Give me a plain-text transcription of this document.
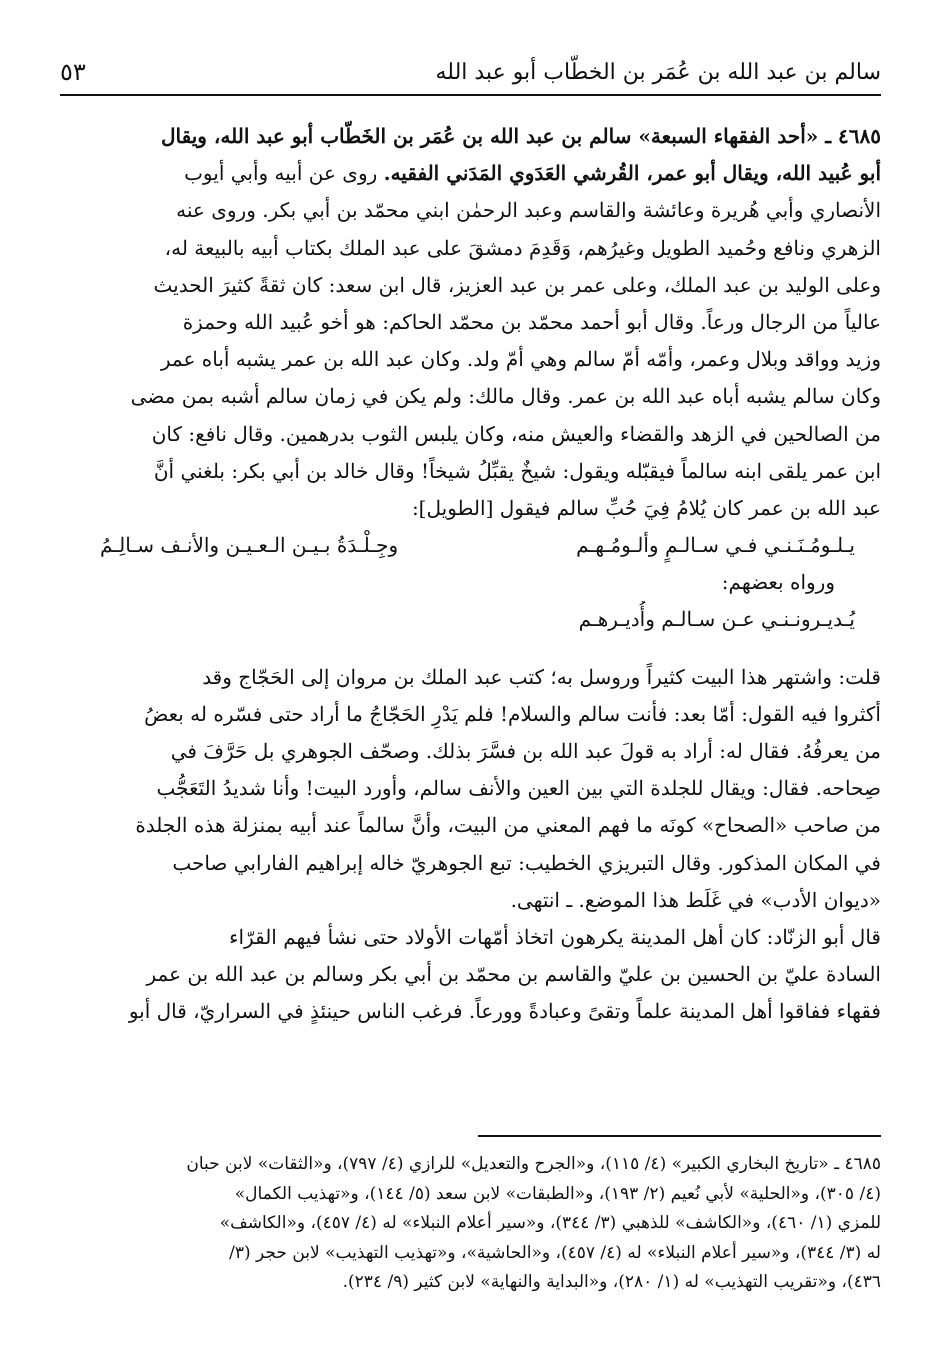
سالم بن عبد الله بن عُمَر بن الخطّاب أبو عبد الله
٥٣
٤٦٨٥ ـ «أحد الفقهاء السبعة» سالم بن عبد الله بن عُمَر بن الخَطّاب أبو عبد الله، ويقال
أبو عُبيد الله، ويقال أبو عمر، القُرشي العَدَوي المَدَني الفقيه. روى عن أبيه وأبي أيوب
الأنصاري وأبي هُريرة وعائشة والقاسم وعبد الرحمٰن ابني محمّد بن أبي بكر. وروى عنه
الزهري ونافع وحُميد الطويل وغيرُهم، وَقَدِمَ دمشقَ على عبد الملك بكتاب أبيه بالبيعة له،
وعلى الوليد بن عبد الملك، وعلى عمر بن عبد العزيز، قال ابن سعد: كان ثقةً كثيرَ الحديث
عالياً من الرجال ورعاً. وقال أبو أحمد محمّد بن محمّد الحاكم: هو أخو عُبيد الله وحمزة
وزيد وواقد وبلال وعمر، وأمّه أمّ سالم وهي أمّ ولد. وكان عبد الله بن عمر يشبه أباه عمر
وكان سالم يشبه أباه عبد الله بن عمر. وقال مالك: ولم يكن في زمان سالم أشبه بمن مضى
من الصالحين في الزهد والقضاء والعيش منه، وكان يلبس الثوب بدرهمين. وقال نافع: كان
ابن عمر يلقى ابنه سالماً فيقبّله ويقول: شيخٌ يقبِّلُ شيخاً! وقال خالد بن أبي بكر: بلغني أنَّ
عبد الله بن عمر كان يُلامُ فِيَ حُبِّ سالم فيقول [الطويل]:
يـلـومُـنَـنـي فـي سـالـمٍ وألـومُـهـم
وجِـلْـدَةُ بـيـن الـعـيـن والأنـف سـالِـمُ
ورواه بعضهم:
يُـديـرونـنـي عـن سـالـم وأُديـرهـم
قلت: واشتهر هذا البيت كثيراً وروسل به؛ كتب عبد الملك بن مروان إلى الحَجّاج وقد
أكثروا فيه القول: أمّا بعد: فأنت سالم والسلام! فلم يَدْرِ الحَجّاجُ ما أراد حتى فسّره له بعضُ
من يعرفُهُ. فقال له: أراد به قولَ عبد الله بن فسَّرَ بذلك. وصحّف الجوهري بل حَرَّفَ في
صِحاحه. فقال: ويقال للجلدة التي بين العين والأنف سالم، وأورد البيت! وأنا شديدُ التَعَجُّب
من صاحب «الصحاح» كونَه ما فهم المعني من البيت، وأنَّ سالماً عند أبيه بمنزلة هذه الجلدة
في المكان المذكور. وقال التبريزي الخطيب: تبع الجوهريّ خاله إبراهيم الفارابي صاحب
«ديوان الأدب» في غَلَط هذا الموضع. ـ انتهى.
قال أبو الزنّاد: كان أهل المدينة يكرهون اتخاذ أمّهات الأولاد حتى نشأ فيهم القرّاء
السادة عليّ بن الحسين بن عليّ والقاسم بن محمّد بن أبي بكر وسالم بن عبد الله بن عمر
فقهاء ففاقوا أهل المدينة علماً وتقىً وعبادةً وورعاً. فرغب الناس حينئذٍ في السراريّ، قال أبو
٤٦٨٥ ـ «تاريخ البخاري الكبير» (٤/ ١١٥)، و«الجرح والتعديل» للرازي (٤/ ٧٩٧)، و«الثقات» لابن حبان
(٤/ ٣٠٥)، و«الحلية» لأبي نُعيم (٢/ ١٩٣)، و«الطبقات» لابن سعد (٥/ ١٤٤)، و«تهذيب الكمال»
للمزي (١/ ٤٦٠)، و«الكاشف» للذهبي (٣/ ٣٤٤)، و«سير أعلام النبلاء» له (٤/ ٤٥٧)، و«الكاشف»
له (٣/ ٣٤٤)، و«سير أعلام النبلاء» له (٤/ ٤٥٧)، و«الحاشية»، و«تهذيب التهذيب» لابن حجر (٣/
٤٣٦)، و«تقريب التهذيب» له (١/ ٢٨٠)، و«البداية والنهاية» لابن كثير (٩/ ٢٣٤).
